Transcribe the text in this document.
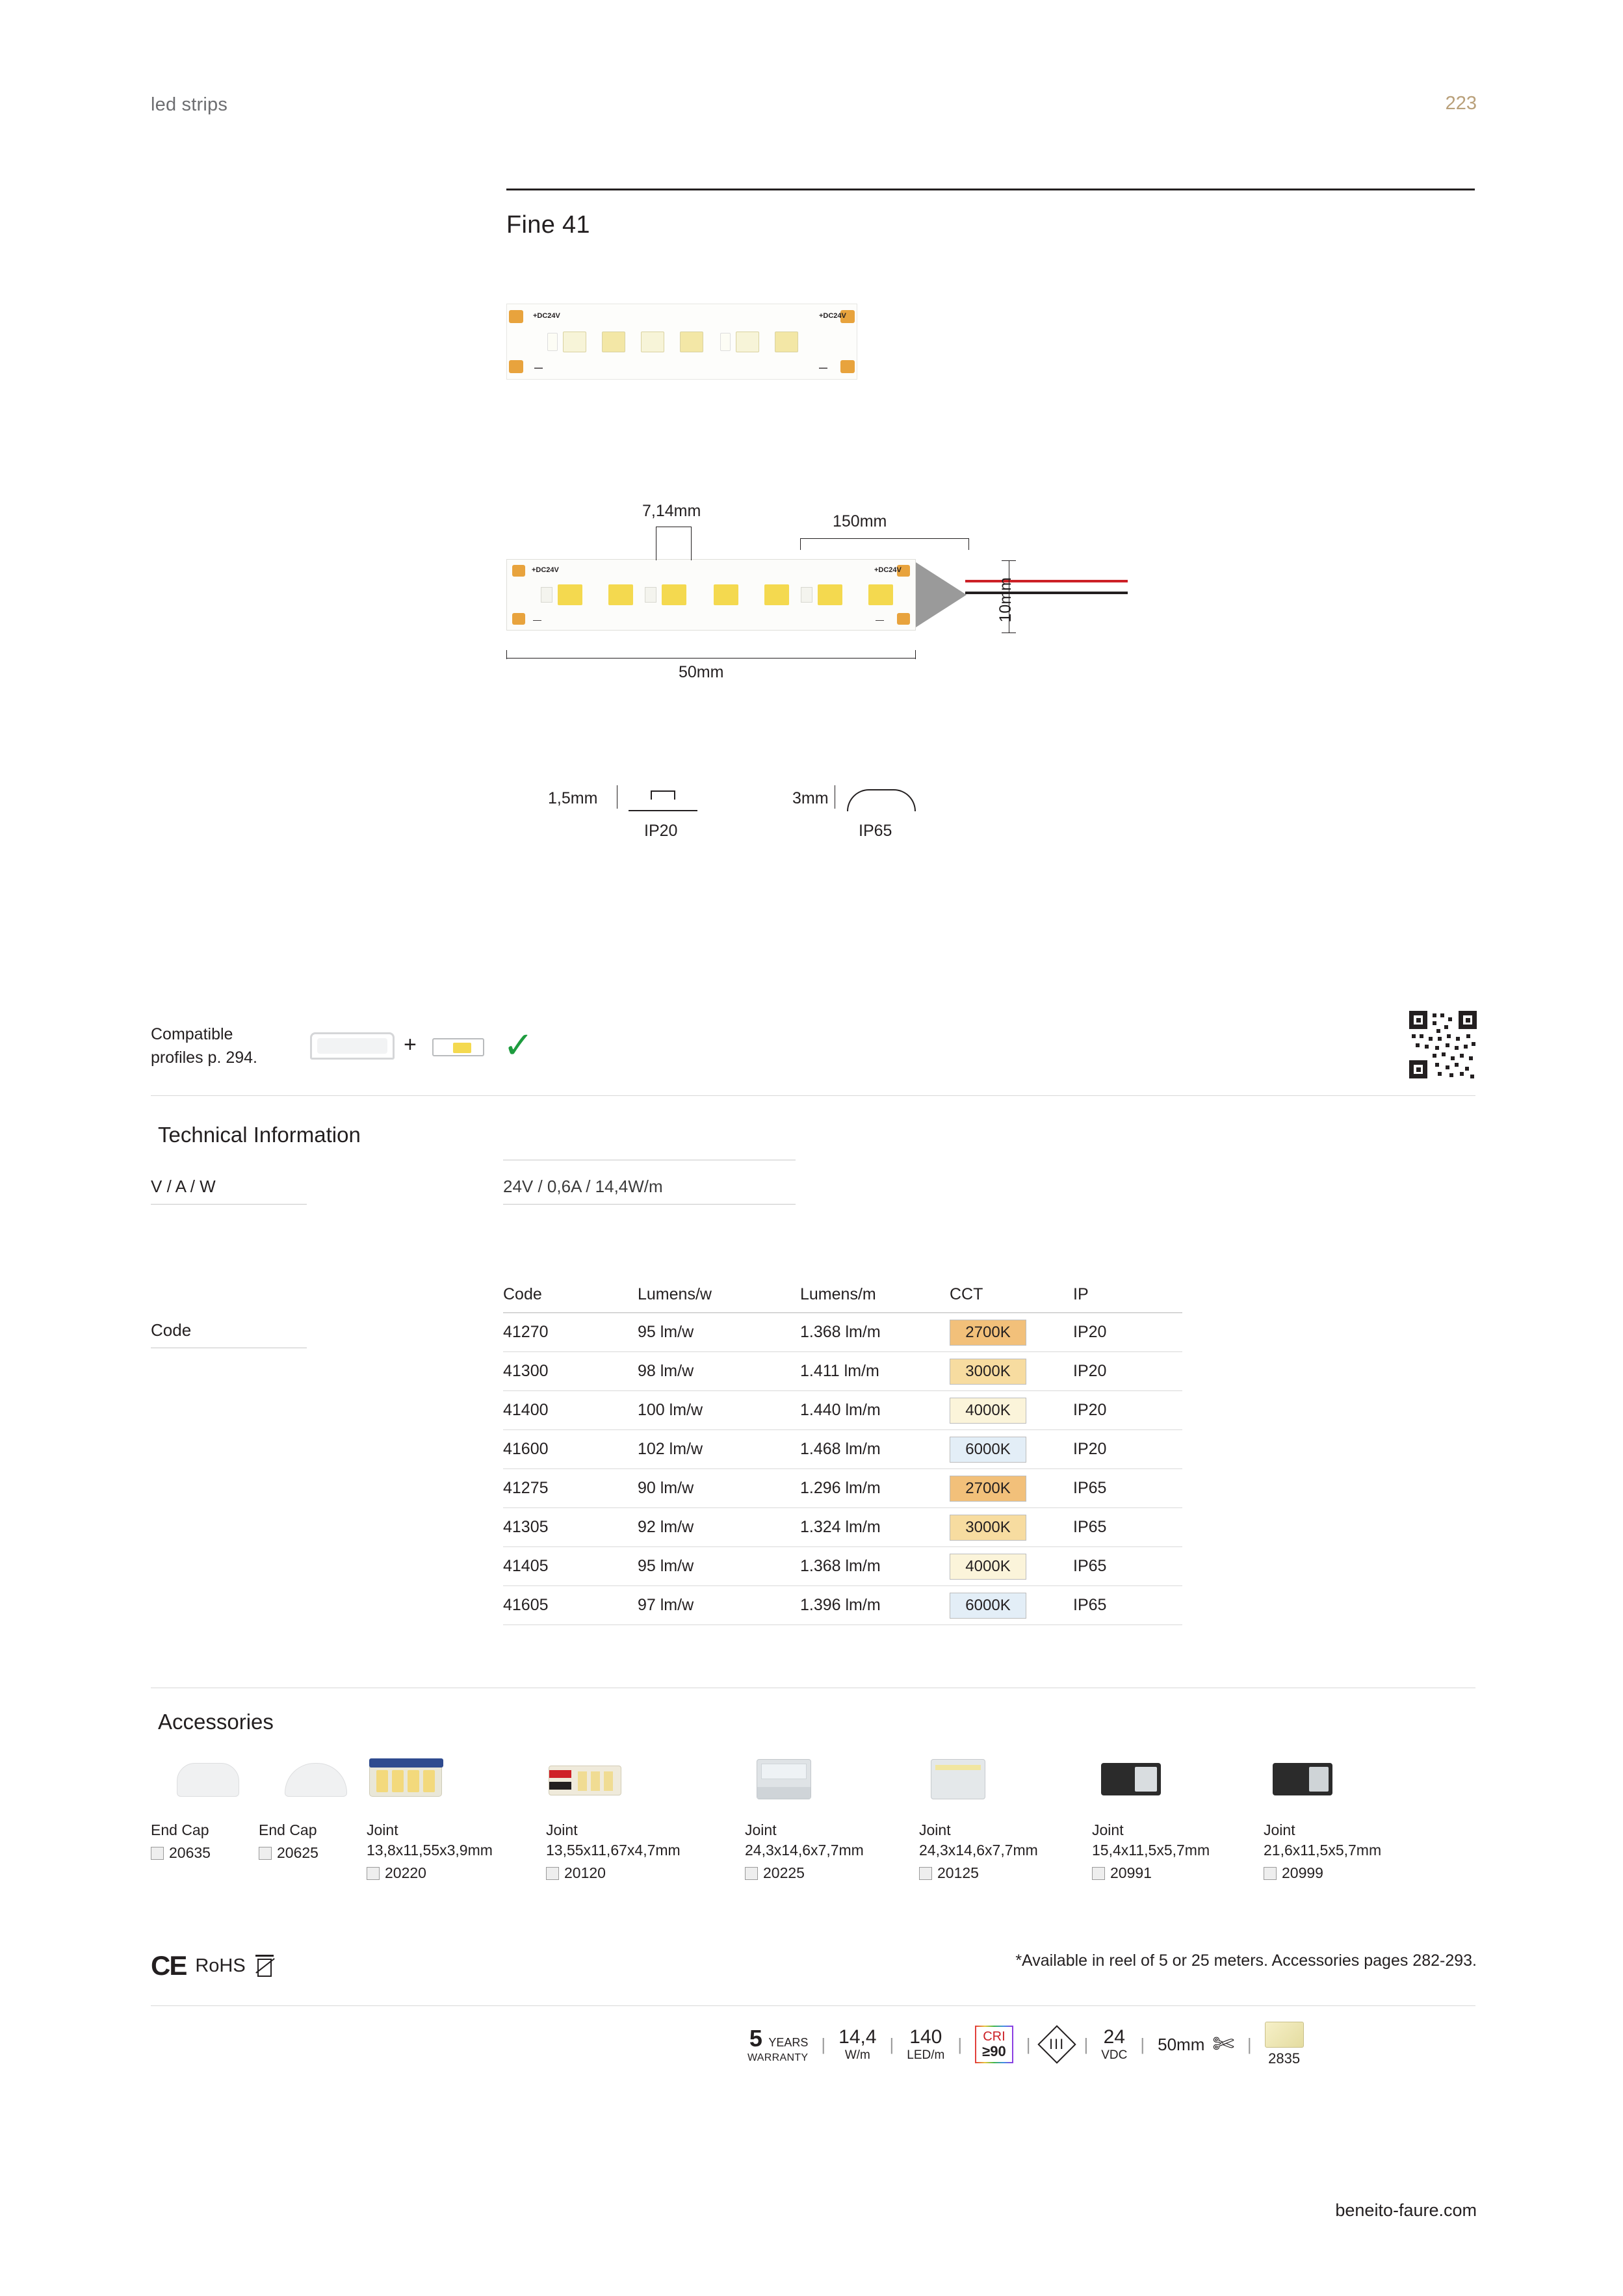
led strips	223
Fine 41
+DC24V	+DC24V
—	—
+DC24V	+DC24V
—	—
7,14mm
150mm
10mm
50mm
1,5mm
IP20
3mm
IP65
Compatible
profiles p. 294.
+ ✓
Technical Information
V / A / W	24V / 0,6A / 14,4W/m
Code
Code	Lumens/w	Lumens/m	CCT	IP
41270	95 lm/w	1.368 lm/m	2700K	IP20
41300	98 lm/w	1.411 lm/m	3000K	IP20
41400	100 lm/w	1.440 lm/m	4000K	IP20
41600	102 lm/w	1.468 lm/m	6000K	IP20
41275	90 lm/w	1.296 lm/m	2700K	IP65
41305	92 lm/w	1.324 lm/m	3000K	IP65
41405	95 lm/w	1.368 lm/m	4000K	IP65
41605	97 lm/w	1.396 lm/m	6000K	IP65
Accessories
End Cap
20635
End Cap
20625
Joint
13,8x11,55x3,9mm
20220
Joint
13,55x11,67x4,7mm
20120
Joint
24,3x14,6x7,7mm
20225
Joint
24,3x14,6x7,7mm
20125
Joint
15,4x11,5x5,7mm
20991
Joint
21,6x11,5x5,7mm
20999
CE RoHS	*Available in reel of 5 or 25 meters. Accessories pages 282-293.
5 YEARS
WARRANTY
| 14,4
W/m
| 140
LED/m
| CRI
≥90 | III | 24
VDC
| 50mm ✄ |
2835
beneito-faure.com
